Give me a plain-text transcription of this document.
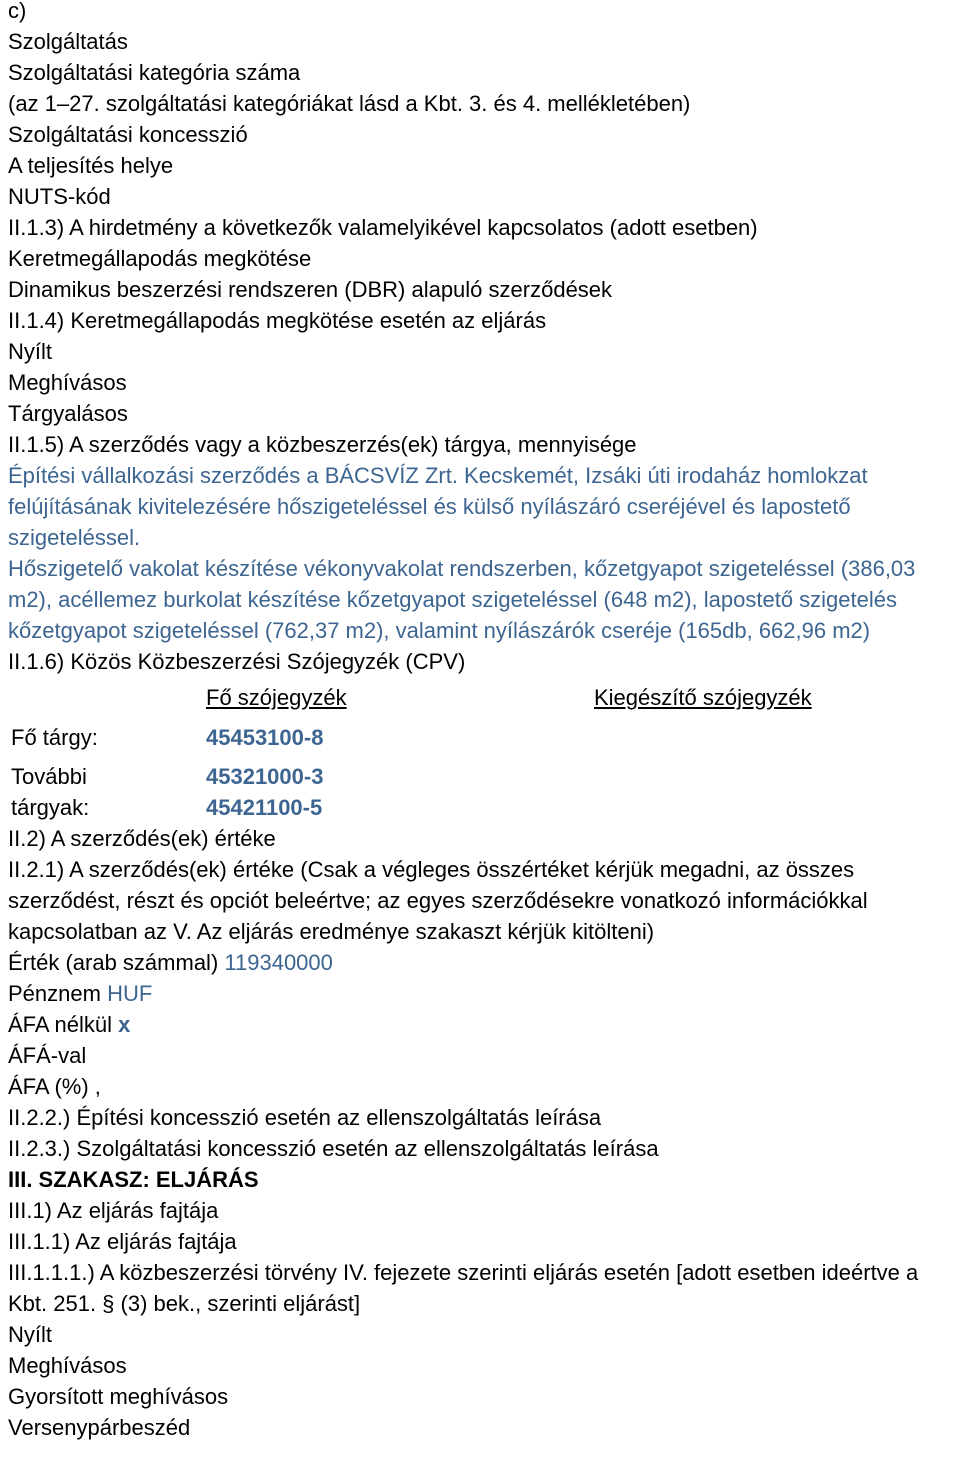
c)
Szolgáltatás
Szolgáltatási kategória száma
(az 1–27. szolgáltatási kategóriákat lásd a Kbt. 3. és 4. mellékletében)
Szolgáltatási koncesszió
A teljesítés helye
NUTS-kód
II.1.3) A hirdetmény a következők valamelyikével kapcsolatos (adott esetben)
Keretmegállapodás megkötése
Dinamikus beszerzési rendszeren (DBR) alapuló szerződések
II.1.4) Keretmegállapodás megkötése esetén az eljárás
Nyílt
Meghívásos
Tárgyalásos
II.1.5) A szerződés vagy a közbeszerzés(ek) tárgya, mennyisége
Építési vállalkozási szerződés a BÁCSVÍZ Zrt. Kecskemét, Izsáki úti irodaház homlokzat felújításának kivitelezésére hőszigeteléssel és külső nyílászáró cseréjével és lapostető szigeteléssel.
Hőszigetelő vakolat készítése vékonyvakolat rendszerben, kőzetgyapot szigeteléssel (386,03 m2), acéllemez burkolat készítése kőzetgyapot szigeteléssel (648 m2), lapostető szigetelés kőzetgyapot szigeteléssel (762,37 m2), valamint nyílászárók cseréje (165db, 662,96 m2)
II.1.6) Közös Közbeszerzési Szójegyzék (CPV)
Fő szójegyzék	Kiegészítő szójegyzék
Fő tárgy:	45453100-8
További
tárgyak:
45321000-3
45421100-5
II.2) A szerződés(ek) értéke
II.2.1) A szerződés(ek) értéke (Csak a végleges összértéket kérjük megadni, az összes szerződést, részt és opciót beleértve; az egyes szerződésekre vonatkozó információkkal kapcsolatban az V. Az eljárás eredménye szakaszt kérjük kitölteni)
Érték (arab számmal) 119340000
Pénznem HUF
ÁFA nélkül x
ÁFÁ-val
ÁFA (%) ,
II.2.2.) Építési koncesszió esetén az ellenszolgáltatás leírása
II.2.3.) Szolgáltatási koncesszió esetén az ellenszolgáltatás leírása
III. SZAKASZ: ELJÁRÁS
III.1) Az eljárás fajtája
III.1.1) Az eljárás fajtája
III.1.1.1.) A közbeszerzési törvény IV. fejezete szerinti eljárás esetén [adott esetben ideértve a Kbt. 251. § (3) bek., szerinti eljárást]
Nyílt
Meghívásos
Gyorsított meghívásos
Versenypárbeszéd
